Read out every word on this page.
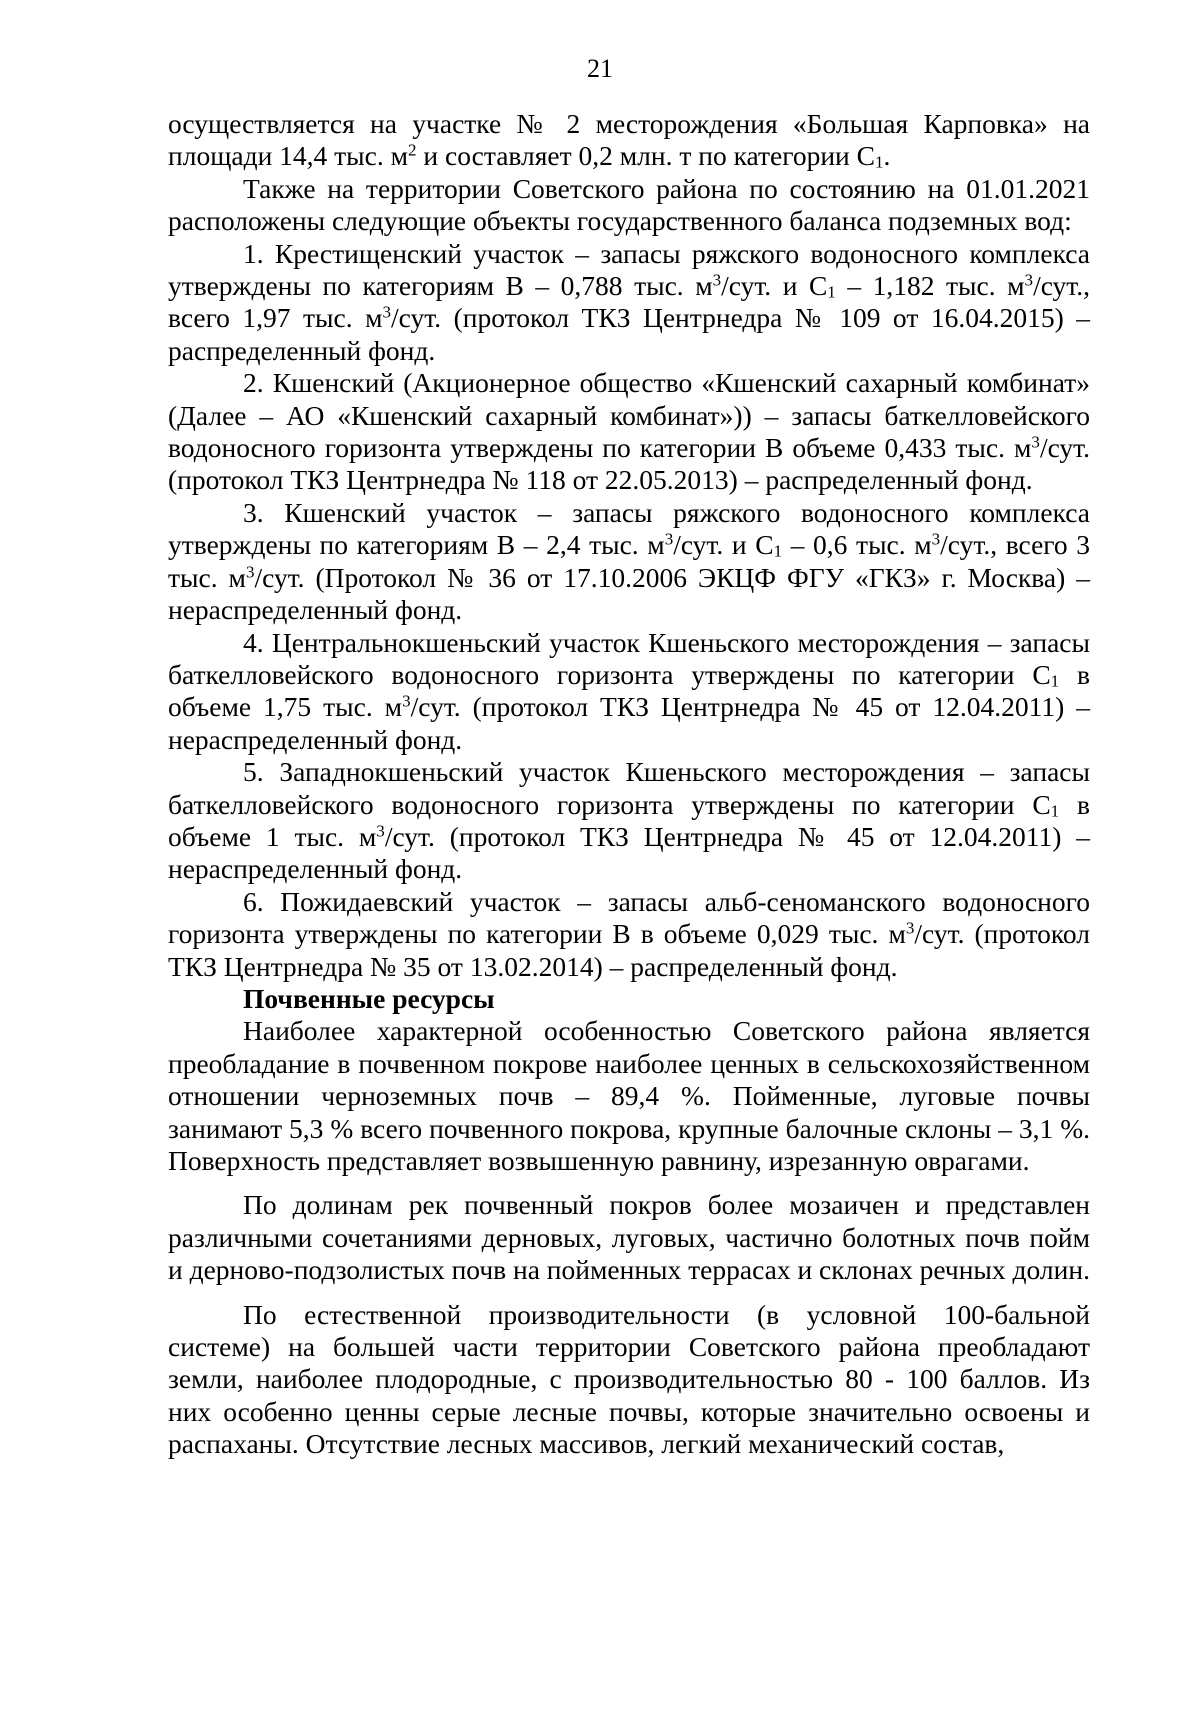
21

осуществляется на участке № 2 месторождения «Большая Карповка» на площади 14,4 тыс. $м^2$ и составляет 0,2 млн. т по категории $С_1$.

Также на территории Советского района по состоянию на 01.01.2021 расположены следующие объекты государственного баланса подземных вод:

1. Крестищенский участок – запасы ряжского водоносного комплекса утверждены по категориям В – 0,788 тыс. $м^3$/сут. и $С_1 - 1,182$ тыс. $м^3$/сут., всего 1,97 тыс. $м^3$/сут. (протокол ТКЗ Центрнедра № 109 от 16.04.2015) – распределенный фонд.

2. Кшенский (Акционерное общество «Кшенский сахарный комбинат» (Далее – АО «Кшенский сахарный комбинат»)) – запасы баткелловейского водоносного горизонта утверждены по категории В объеме 0,433 тыс. $м^3$/сут. (протокол ТКЗ Центрнедра № 118 от 22.05.2013) – распределенный фонд.

3. Кшенский участок – запасы ряжского водоносного комплекса утверждены по категориям В – 2,4 тыс. $м^3$/сут. и $С_1 - 0,6$ тыс. $м^3$/сут., всего 3 тыс. $м^3$/сут. (Протокол № 36 от 17.10.2006 ЭКЦФ ФГУ «ГКЗ» г. Москва) – нераспределенный фонд.

4. Центральнокшеньский участок Кшеньского месторождения – запасы баткелловейского водоносного горизонта утверждены по категории $С_1$ в объеме 1,75 тыс. $м^3$/сут. (протокол ТКЗ Центрнедра № 45 от 12.04.2011) – нераспределенный фонд.

5. Западнокшеньский участок Кшеньского месторождения – запасы баткелловейского водоносного горизонта утверждены по категории $С_1$ в объеме 1 тыс. $м^3$/сут. (протокол ТКЗ Центрнедра № 45 от 12.04.2011) – нераспределенный фонд.

6. Пожидаевский участок – запасы альб-сеноманского водоносного горизонта утверждены по категории В в объеме 0,029 тыс. $м^3$/сут. (протокол ТКЗ Центрнедра № 35 от 13.02.2014) – распределенный фонд.

Почвенные ресурсы

Наиболее характерной особенностью Советского района является преобладание в почвенном покрове наиболее ценных в сельскохозяйственном отношении черноземных почв – 89,4 %. Пойменные, луговые почвы занимают 5,3 % всего почвенного покрова, крупные балочные склоны – 3,1 %. Поверхность представляет возвышенную равнину, изрезанную оврагами.

По долинам рек почвенный покров более мозаичен и представлен различными сочетаниями дерновых, луговых, частично болотных почв пойм и дерново-подзолистых почв на пойменных террасах и склонах речных долин.

По естественной производительности (в условной 100-бальной системе) на большей части территории Советского района преобладают земли, наиболее плодородные, с производительностью 80 - 100 баллов. Из них особенно ценны серые лесные почвы, которые значительно освоены и распаханы. Отсутствие лесных массивов, легкий механический состав,
